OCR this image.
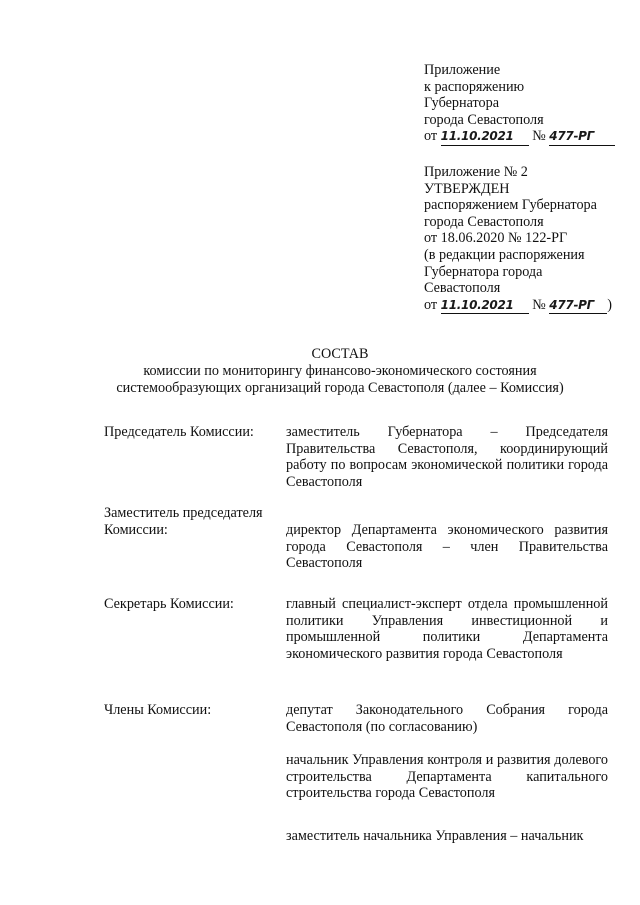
Приложение
к распоряжению
Губернатора
города Севастополя
от 11.10.2021 № 477-РГ
Приложение № 2
УТВЕРЖДЕН
распоряжением Губернатора
города Севастополя
от 18.06.2020 № 122-РГ
(в редакции распоряжения
Губернатора города
Севастополя
от 11.10.2021 № 477-РГ )
СОСТАВ
комиссии по мониторингу финансово-экономического состояния
системообразующих организаций города Севастополя (далее – Комиссия)
Председатель Комиссии:	заместитель Губернатора – Председателя Правительства Севастополя, координирующий работу по вопросам экономической политики города Севастополя
Заместитель председателя Комиссии:	директор Департамента экономического развития города Севастополя – член Правительства Севастополя
Секретарь Комиссии:	главный специалист-эксперт отдела промышленной политики Управления инвестиционной и промышленной политики Департамента экономического развития города Севастополя
Члены Комиссии:	депутат Законодательного Собрания города Севастополя (по согласованию)
начальник Управления контроля и развития долевого строительства Департамента капитального строительства города Севастополя
заместитель начальника Управления – начальник
